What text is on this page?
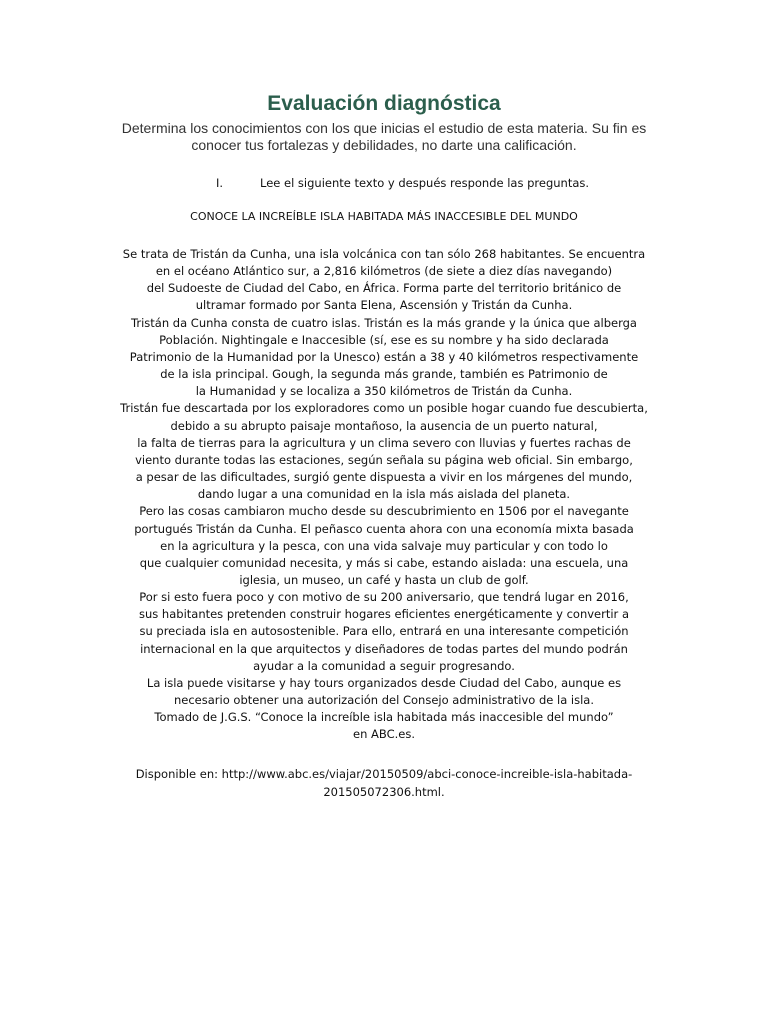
Evaluación diagnóstica
Determina los conocimientos con los que inicias el estudio de esta materia. Su fin es
conocer tus fortalezas y debilidades, no darte una calificación.
I.	Lee el siguiente texto y después responde las preguntas.
CONOCE LA INCREÍBLE ISLA HABITADA MÁS INACCESIBLE DEL MUNDO
Se trata de Tristán da Cunha, una isla volcánica con tan sólo 268 habitantes. Se encuentra
en el océano Atlántico sur, a 2,816 kilómetros (de siete a diez días navegando)
del Sudoeste de Ciudad del Cabo, en África. Forma parte del territorio británico de
ultramar formado por Santa Elena, Ascensión y Tristán da Cunha.
Tristán da Cunha consta de cuatro islas. Tristán es la más grande y la única que alberga
Población. Nightingale e Inaccesible (sí, ese es su nombre y ha sido declarada
Patrimonio de la Humanidad por la Unesco) están a 38 y 40 kilómetros respectivamente
de la isla principal. Gough, la segunda más grande, también es Patrimonio de
la Humanidad y se localiza a 350 kilómetros de Tristán da Cunha.
Tristán fue descartada por los exploradores como un posible hogar cuando fue descubierta,
debido a su abrupto paisaje montañoso, la ausencia de un puerto natural,
la falta de tierras para la agricultura y un clima severo con lluvias y fuertes rachas de
viento durante todas las estaciones, según señala su página web oficial. Sin embargo,
a pesar de las dificultades, surgió gente dispuesta a vivir en los márgenes del mundo,
dando lugar a una comunidad en la isla más aislada del planeta.
Pero las cosas cambiaron mucho desde su descubrimiento en 1506 por el navegante
portugués Tristán da Cunha. El peñasco cuenta ahora con una economía mixta basada
en la agricultura y la pesca, con una vida salvaje muy particular y con todo lo
que cualquier comunidad necesita, y más si cabe, estando aislada: una escuela, una
iglesia, un museo, un café y hasta un club de golf.
Por si esto fuera poco y con motivo de su 200 aniversario, que tendrá lugar en 2016,
sus habitantes pretenden construir hogares eficientes energéticamente y convertir a
su preciada isla en autosostenible. Para ello, entrará en una interesante competición
internacional en la que arquitectos y diseñadores de todas partes del mundo podrán
ayudar a la comunidad a seguir progresando.
La isla puede visitarse y hay tours organizados desde Ciudad del Cabo, aunque es
necesario obtener una autorización del Consejo administrativo de la isla.
Tomado de J.G.S. “Conoce la increíble isla habitada más inaccesible del mundo”
en ABC.es.
Disponible en: http://www.abc.es/viajar/20150509/abci-conoce-increible-isla-habitada-
201505072306.html.
